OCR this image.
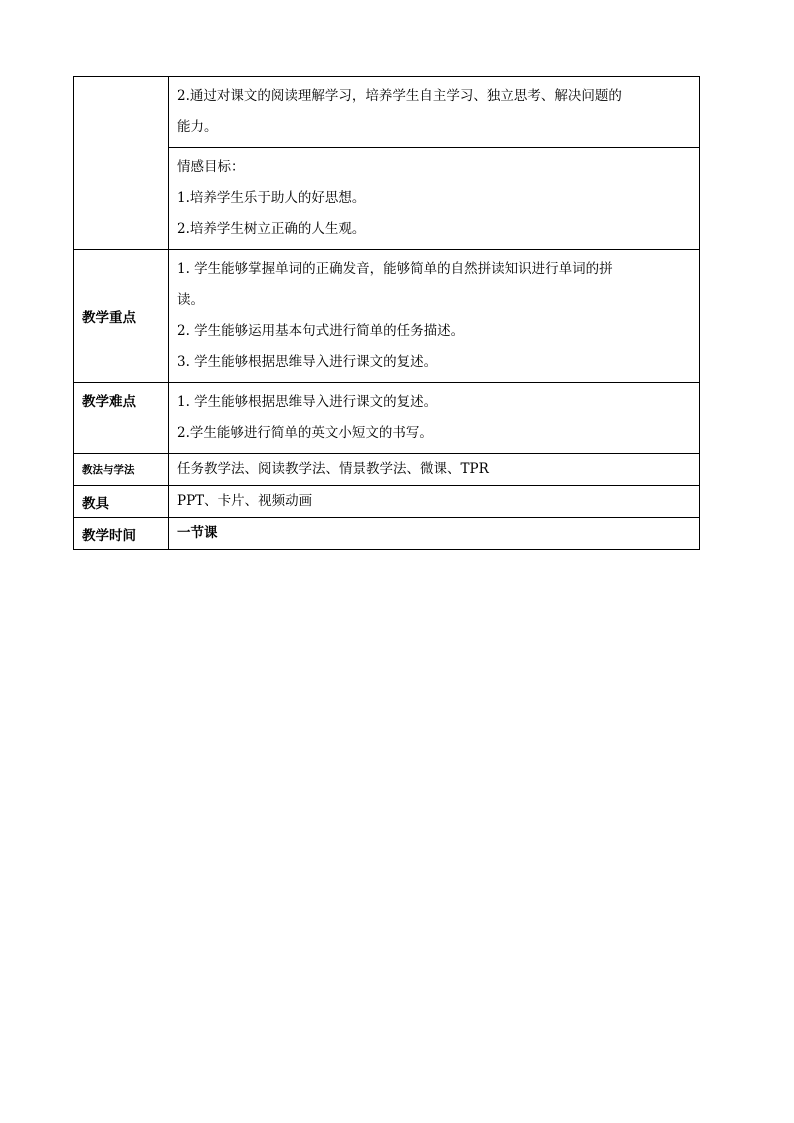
	2.通过对课文的阅读理解学习，培养学生自主学习、独立思考、解决问题的
能力。

	情感目标：
1.培养学生乐于助人的好思想。
2.培养学生树立正确的人生观。

教学重点	1. 学生能够掌握单词的正确发音，能够简单的自然拼读知识进行单词的拼
读。
2. 学生能够运用基本句式进行简单的任务描述。
3. 学生能够根据思维导入进行课文的复述。

教学难点	1. 学生能够根据思维导入进行课文的复述。
2.学生能够进行简单的英文小短文的书写。

教法与学法	任务教学法、阅读教学法、情景教学法、微课、TPR

教具	PPT、卡片、视频动画

教学时间	一节课
